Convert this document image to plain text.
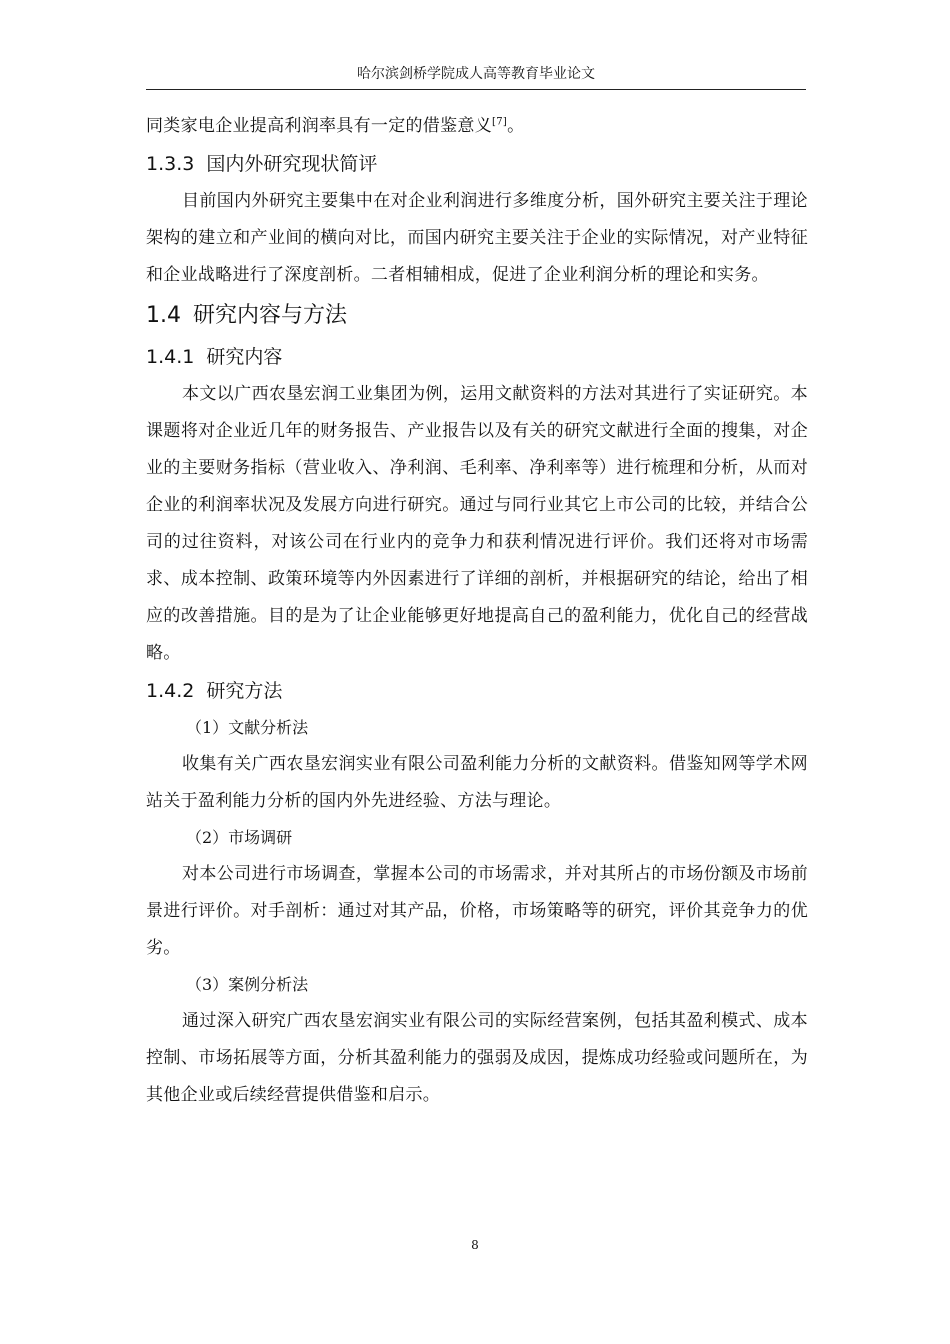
哈尔滨剑桥学院成人高等教育毕业论文

同类家电企业提高利润率具有一定的借鉴意义[7]。

1.3.3 国内外研究现状简评

目前国内外研究主要集中在对企业利润进行多维度分析，国外研究主要关注于理论架构的建立和产业间的横向对比，而国内研究主要关注于企业的实际情况，对产业特征和企业战略进行了深度剖析。二者相辅相成，促进了企业利润分析的理论和实务。

1.4 研究内容与方法
1.4.1 研究内容

本文以广西农垦宏润工业集团为例，运用文献资料的方法对其进行了实证研究。本课题将对企业近几年的财务报告、产业报告以及有关的研究文献进行全面的搜集，对企业的主要财务指标（营业收入、净利润、毛利率、净利率等）进行梳理和分析，从而对企业的利润率状况及发展方向进行研究。通过与同行业其它上市公司的比较，并结合公司的过往资料，对该公司在行业内的竞争力和获利情况进行评价。我们还将对市场需求、成本控制、政策环境等内外因素进行了详细的剖析，并根据研究的结论，给出了相应的改善措施。目的是为了让企业能够更好地提高自己的盈利能力，优化自己的经营战略。

1.4.2 研究方法

（1）文献分析法

收集有关广西农垦宏润实业有限公司盈利能力分析的文献资料。借鉴知网等学术网站关于盈利能力分析的国内外先进经验、方法与理论。

（2）市场调研

对本公司进行市场调查，掌握本公司的市场需求，并对其所占的市场份额及市场前景进行评价。对手剖析：通过对其产品，价格，市场策略等的研究，评价其竞争力的优劣。

（3）案例分析法

通过深入研究广西农垦宏润实业有限公司的实际经营案例，包括其盈利模式、成本控制、市场拓展等方面，分析其盈利能力的强弱及成因，提炼成功经验或问题所在，为其他企业或后续经营提供借鉴和启示。

8
